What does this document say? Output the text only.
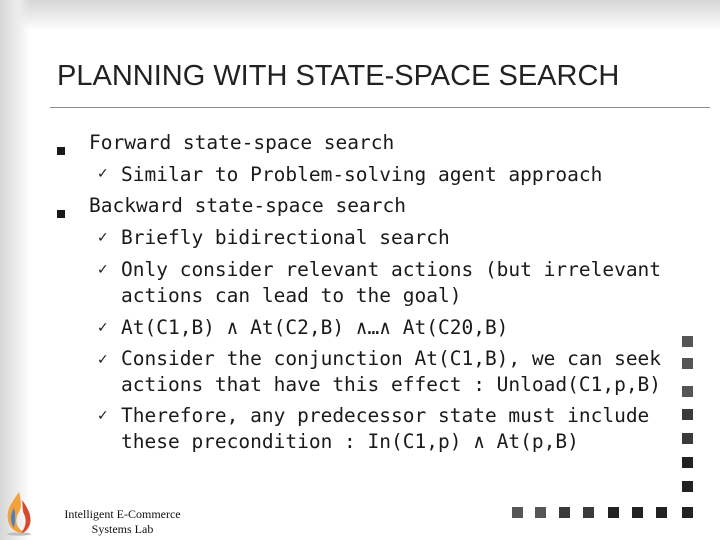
PLANNING WITH STATE-SPACE SEARCH
Forward state-space search
✓ Similar to Problem-solving agent approach
Backward state-space search
✓ Briefly bidirectional search
✓ Only consider relevant actions (but irrelevant
actions can lead to the goal)
✓ At(C1,B) ∧ At(C2,B) ∧…∧ At(C20,B)
✓ Consider the conjunction At(C1,B), we can seek
actions that have this effect : Unload(C1,p,B)
✓ Therefore, any predecessor state must include
these precondition : In(C1,p) ∧ At(p,B)
Intelligent E-Commerce
Systems Lab
